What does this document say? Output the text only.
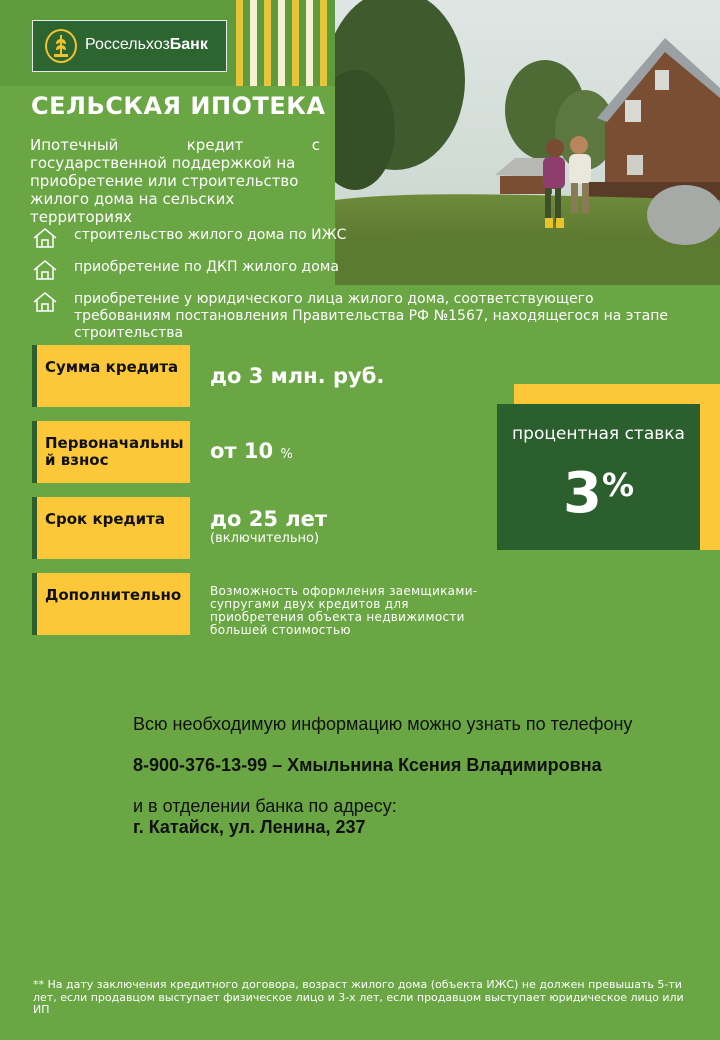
РоссельхозБанк
СЕЛЬСКАЯ ИПОТЕКА
Ипотечный	кредит	с
государственной поддержкой на приобретение или строительство жилого дома на сельских территориях
строительство жилого дома по ИЖС
приобретение по ДКП жилого дома
приобретение у юридического лица жилого дома, соответствующего
требованиям постановления Правительства РФ №1567, находящегося на этапе
строительства
Сумма кредита	до 3 млн. руб.
Первоначальный взнос	от 10 %
Срок кредита	до 25 лет
(включительно)
Дополнительно	Возможность оформления заемщиками-супругами двух кредитов для приобретения объекта недвижимости большей стоимостью
процентная ставка
3%
Всю необходимую информацию можно узнать по телефону
8-900-376-13-99 – Хмыльнина Ксения Владимировна
и в отделении банка по адресу:
г. Катайск, ул. Ленина, 237
** На дату заключения кредитного договора, возраст жилого дома (объекта ИЖС) не должен превышать 5-ти лет, если продавцом выступает физическое лицо и 3-х лет, если продавцом выступает юридическое лицо или ИП
